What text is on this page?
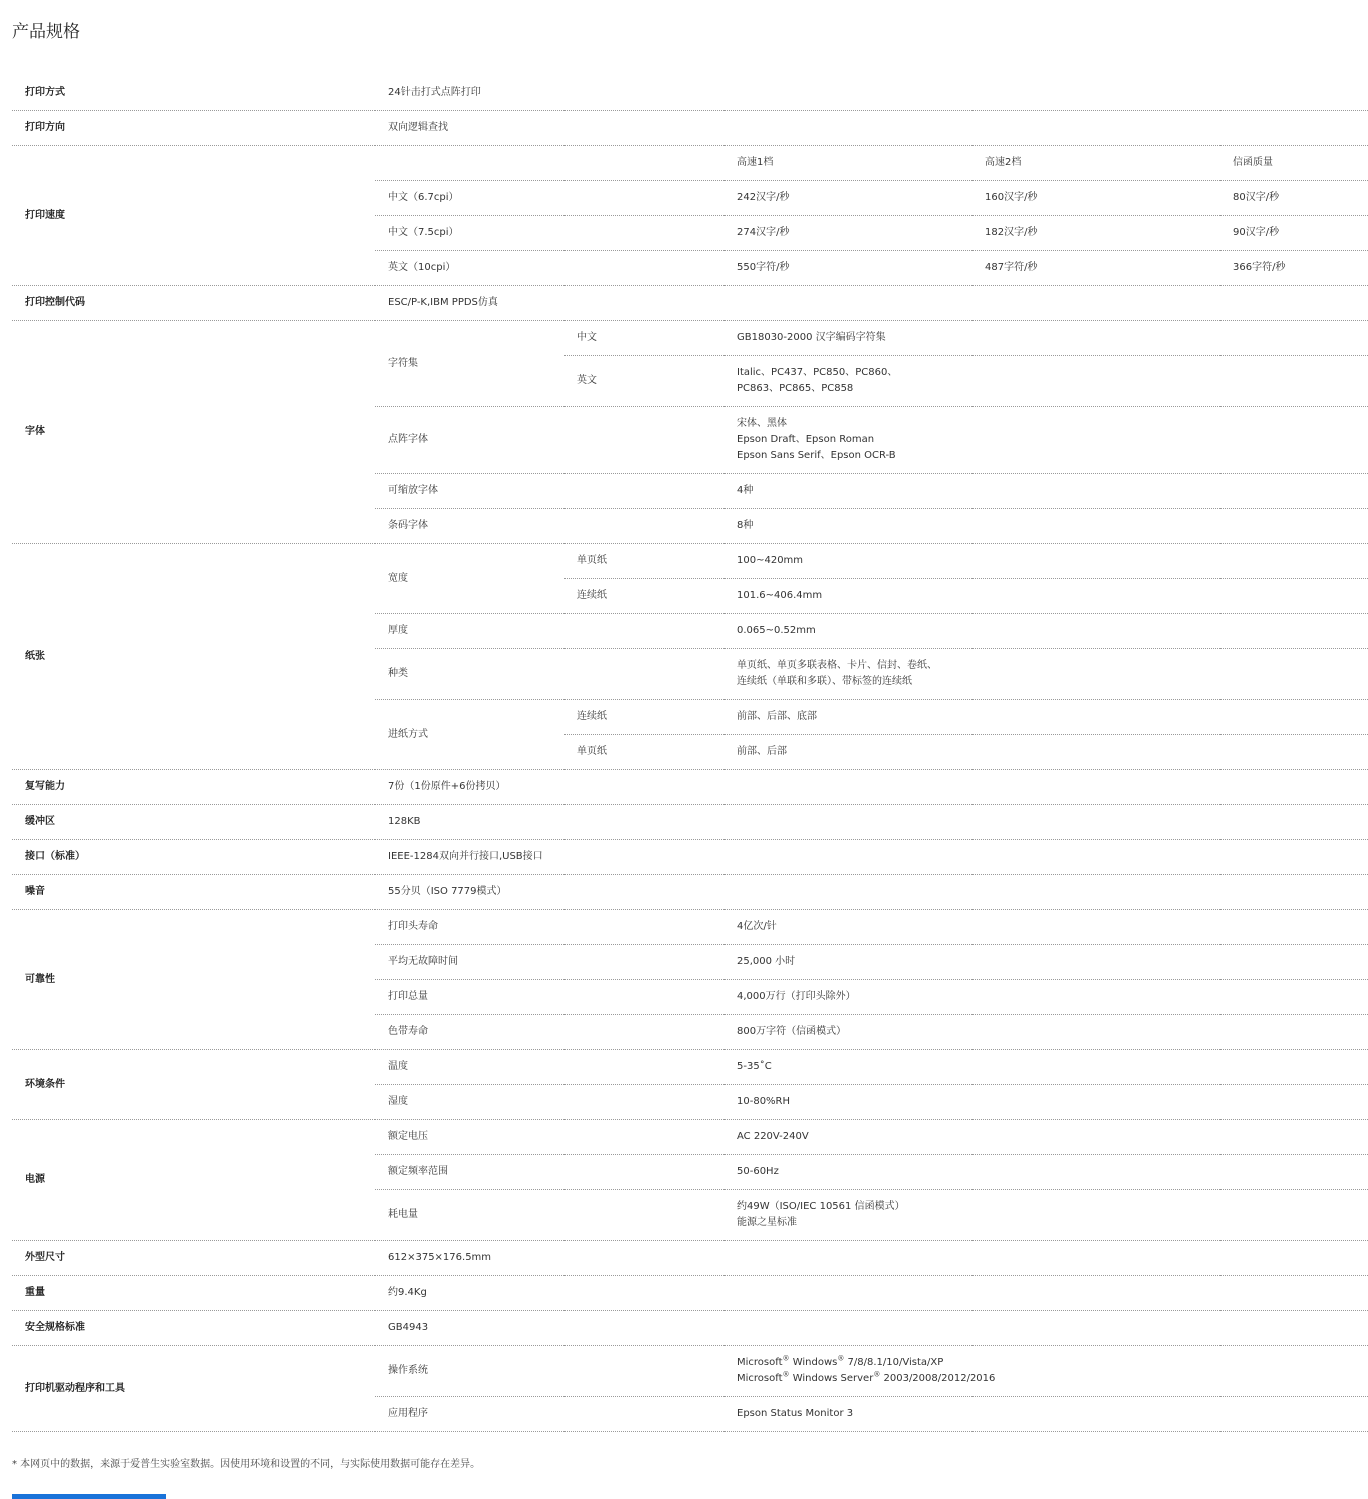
产品规格
打印方式	24针击打式点阵打印				
打印方向	双向逻辑查找				
打印速度			高速1档	高速2档	信函质量
	中文（6.7cpi）		242汉字/秒	160汉字/秒	80汉字/秒
	中文（7.5cpi）		274汉字/秒	182汉字/秒	90汉字/秒
	英文（10cpi）		550字符/秒	487字符/秒	366字符/秒
打印控制代码	ESC/P-K,IBM PPDS仿真				
字体	字符集	中文	GB18030-2000 汉字编码字符集		
		英文	Italic、PC437、PC850、PC860、
PC863、PC865、PC858		

	点阵字体		宋体、黑体
Epson Draft、Epson Roman
Epson Sans Serif、Epson OCR-B		

	可缩放字体		4种		
	条码字体		8种		
纸张	宽度	单页纸	100~420mm		
		连续纸	101.6~406.4mm		
	厚度		0.065~0.52mm		
	种类		单页纸、单页多联表格、卡片、信封、卷纸、
连续纸（单联和多联）、带标签的连续纸		

	进纸方式	连续纸	前部、后部、底部		
		单页纸	前部、后部		
复写能力	7份（1份原件+6份拷贝）				
缓冲区	128KB				
接口（标准）	IEEE-1284双向并行接口,USB接口				
噪音	55分贝（ISO 7779模式）				
可靠性	打印头寿命		4亿次/针		
	平均无故障时间		25,000 小时		
	打印总量		4,000万行（打印头除外）		
	色带寿命		800万字符（信函模式）		
环境条件	温度		5-35˚C		
	湿度		10-80%RH		
电源	额定电压		AC 220V-240V		
	额定频率范围		50-60Hz		
	耗电量		约49W（ISO/IEC 10561 信函模式）
能源之星标准		

外型尺寸	612×375×176.5mm				
重量	约9.4Kg				
安全规格标准	GB4943				
打印机驱动程序和工具	操作系统		Microsoft® Windows® 7/8/8.1/10/Vista/XP
Microsoft® Windows Server® 2003/2008/2012/2016		

	应用程序		Epson Status Monitor 3		
* 本网页中的数据，来源于爱普生实验室数据。因使用环境和设置的不同，与实际使用数据可能存在差异。
